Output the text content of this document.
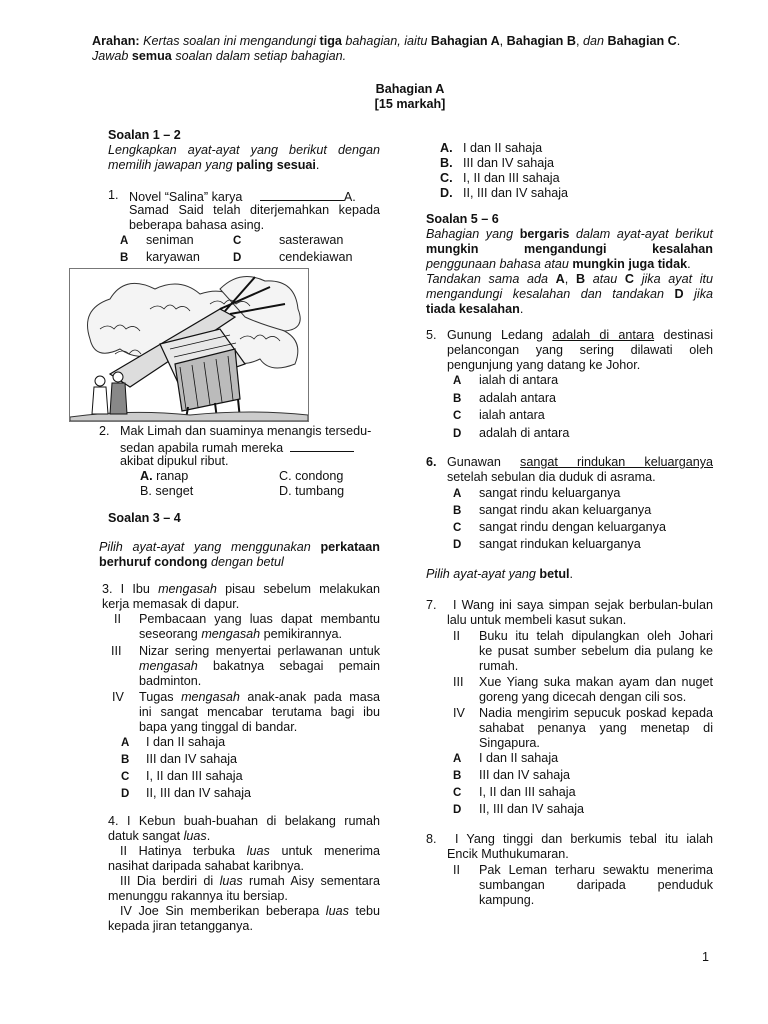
Arahan: Kertas soalan ini mengandungi tiga bahagian, iaitu Bahagian A, Bahagian B, dan Bahagian C.
Jawab semua soalan dalam setiap bahagian.
Bahagian A
[15 markah]
Soalan 1 – 2
Lengkapkan ayat-ayat yang berikut dengan
memilih jawapan yang paling sesuai.
1. Novel “Salina” karya	A.
Samad Said telah diterjemahkan kepada
beberapa bahasa asing.
A seniman	C	sasterawan
B karyawan	D	cendekiawan
2. Mak Limah dan suaminya menangis tersedu-
sedan apabila rumah mereka
akibat dipukul ribut.
A. ranap	C. condong
B. senget	D. tumbang
Soalan 3 – 4
Pilih ayat-ayat yang menggunakan perkataan
berhuruf condong dengan betul
3. I Ibu mengasah pisau sebelum melakukan
kerja memasak di dapur.
II Pembacaan yang luas dapat membantu
seseorang mengasah pemikirannya.
III Nizar sering menyertai perlawanan untuk
mengasah bakatnya sebagai pemain
badminton.
IV Tugas mengasah anak-anak pada masa
ini sangat mencabar terutama bagi ibu
bapa yang tinggal di bandar.
A I dan II sahaja
B III dan IV sahaja
C I, II dan III sahaja
D II, III dan IV sahaja
4. I Kebun buah-buahan di belakang rumah
datuk sangat luas.
II Hatinya terbuka luas untuk menerima
nasihat daripada sahabat karibnya.
III Dia berdiri di luas rumah Aisy sementara
menunggu rakannya itu bersiap.
IV Joe Sin memberikan beberapa luas tebu
kepada jiran tetangganya.
A. I dan II sahaja
B. III dan IV sahaja
C. I, II dan III sahaja
D. II, III dan IV sahaja
Soalan 5 – 6
Bahagian yang bergaris dalam ayat-ayat berikut
mungkin	mengandungi	kesalahan
penggunaan bahasa atau mungkin juga tidak.
Tandakan sama ada A, B atau C jika ayat itu
mengandungi kesalahan dan tandakan D jika
tiada kesalahan.
5. Gunung Ledang adalah di antara destinasi
pelancongan yang sering dilawati oleh
pengunjung yang datang ke Johor.
A ialah di antara
B adalah antara
C ialah antara
D adalah di antara
6. Gunawan sangat rindukan keluarganya
setelah sebulan dia duduk di asrama.
A sangat rindu keluarganya
B sangat rindu akan keluarganya
C sangat rindu dengan keluarganya
D sangat rindukan keluarganya
Pilih ayat-ayat yang betul.
7. I Wang ini saya simpan sejak berbulan-bulan
lalu untuk membeli kasut sukan.
II Buku itu telah dipulangkan oleh Johari
ke pusat sumber sebelum dia pulang ke
rumah.
III Xue Yiang suka makan ayam dan nuget
goreng yang dicecah dengan cili sos.
IV Nadia mengirim sepucuk poskad kepada
sahabat penanya yang menetap di
Singapura.
A I dan II sahaja
B III dan IV sahaja
C I, II dan III sahaja
D II, III dan IV sahaja
8. I Yang tinggi dan berkumis tebal itu ialah
Encik Muthukumaran.
II Pak Leman terharu sewaktu menerima
sumbangan daripada penduduk
kampung.
1
